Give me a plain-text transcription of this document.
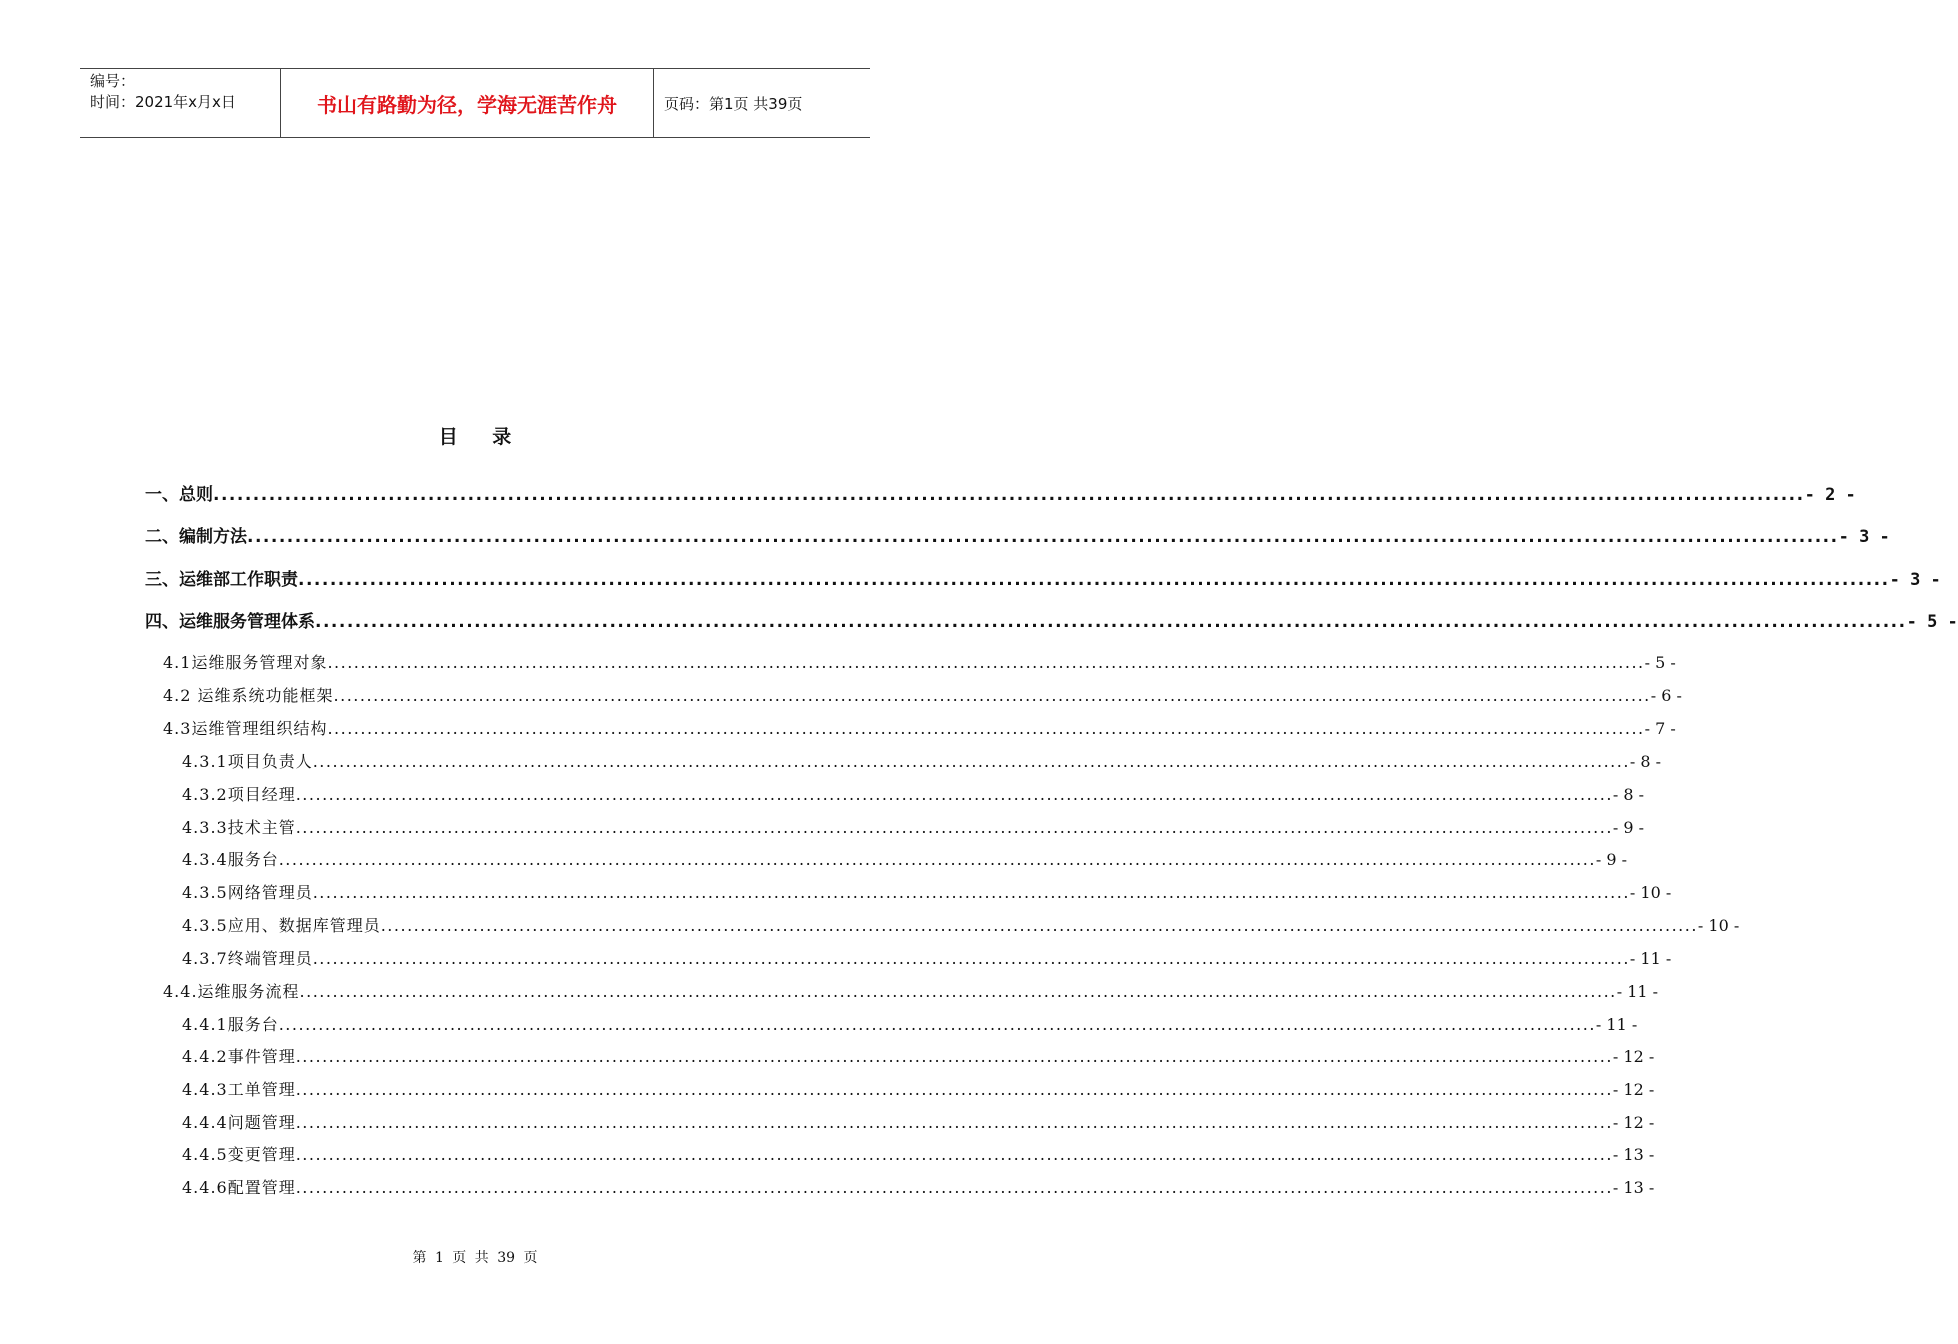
编号：
时间：2021年x月x日	书山有路勤为径，学海无涯苦作舟	页码：第1页 共39页
目 录
一、总则 ........................................................................................................................................................................................................ - 2 -
二、编制方法 ........................................................................................................................................................................................................ - 3 -
三、运维部工作职责 ........................................................................................................................................................................................................ - 3 -
四、运维服务管理体系 ........................................................................................................................................................................................................ - 5 -
4.1运维服务管理对象 ........................................................................................................................................................................................................ - 5 -
4.2 运维系统功能框架 ........................................................................................................................................................................................................ - 6 -
4.3运维管理组织结构 ........................................................................................................................................................................................................ - 7 -
4.3.1项目负责人 ........................................................................................................................................................................................................ - 8 -
4.3.2项目经理 ........................................................................................................................................................................................................ - 8 -
4.3.3技术主管 ........................................................................................................................................................................................................ - 9 -
4.3.4服务台 ........................................................................................................................................................................................................ - 9 -
4.3.5网络管理员 ........................................................................................................................................................................................................ - 10 -
4.3.5应用、数据库管理员 ........................................................................................................................................................................................................ - 10 -
4.3.7终端管理员 ........................................................................................................................................................................................................ - 11 -
4.4.运维服务流程 ........................................................................................................................................................................................................ - 11 -
4.4.1服务台 ........................................................................................................................................................................................................ - 11 -
4.4.2事件管理 ........................................................................................................................................................................................................ - 12 -
4.4.3工单管理 ........................................................................................................................................................................................................ - 12 -
4.4.4问题管理 ........................................................................................................................................................................................................ - 12 -
4.4.5变更管理 ........................................................................................................................................................................................................ - 13 -
4.4.6配置管理 ........................................................................................................................................................................................................ - 13 -
第 1 页 共 39 页
